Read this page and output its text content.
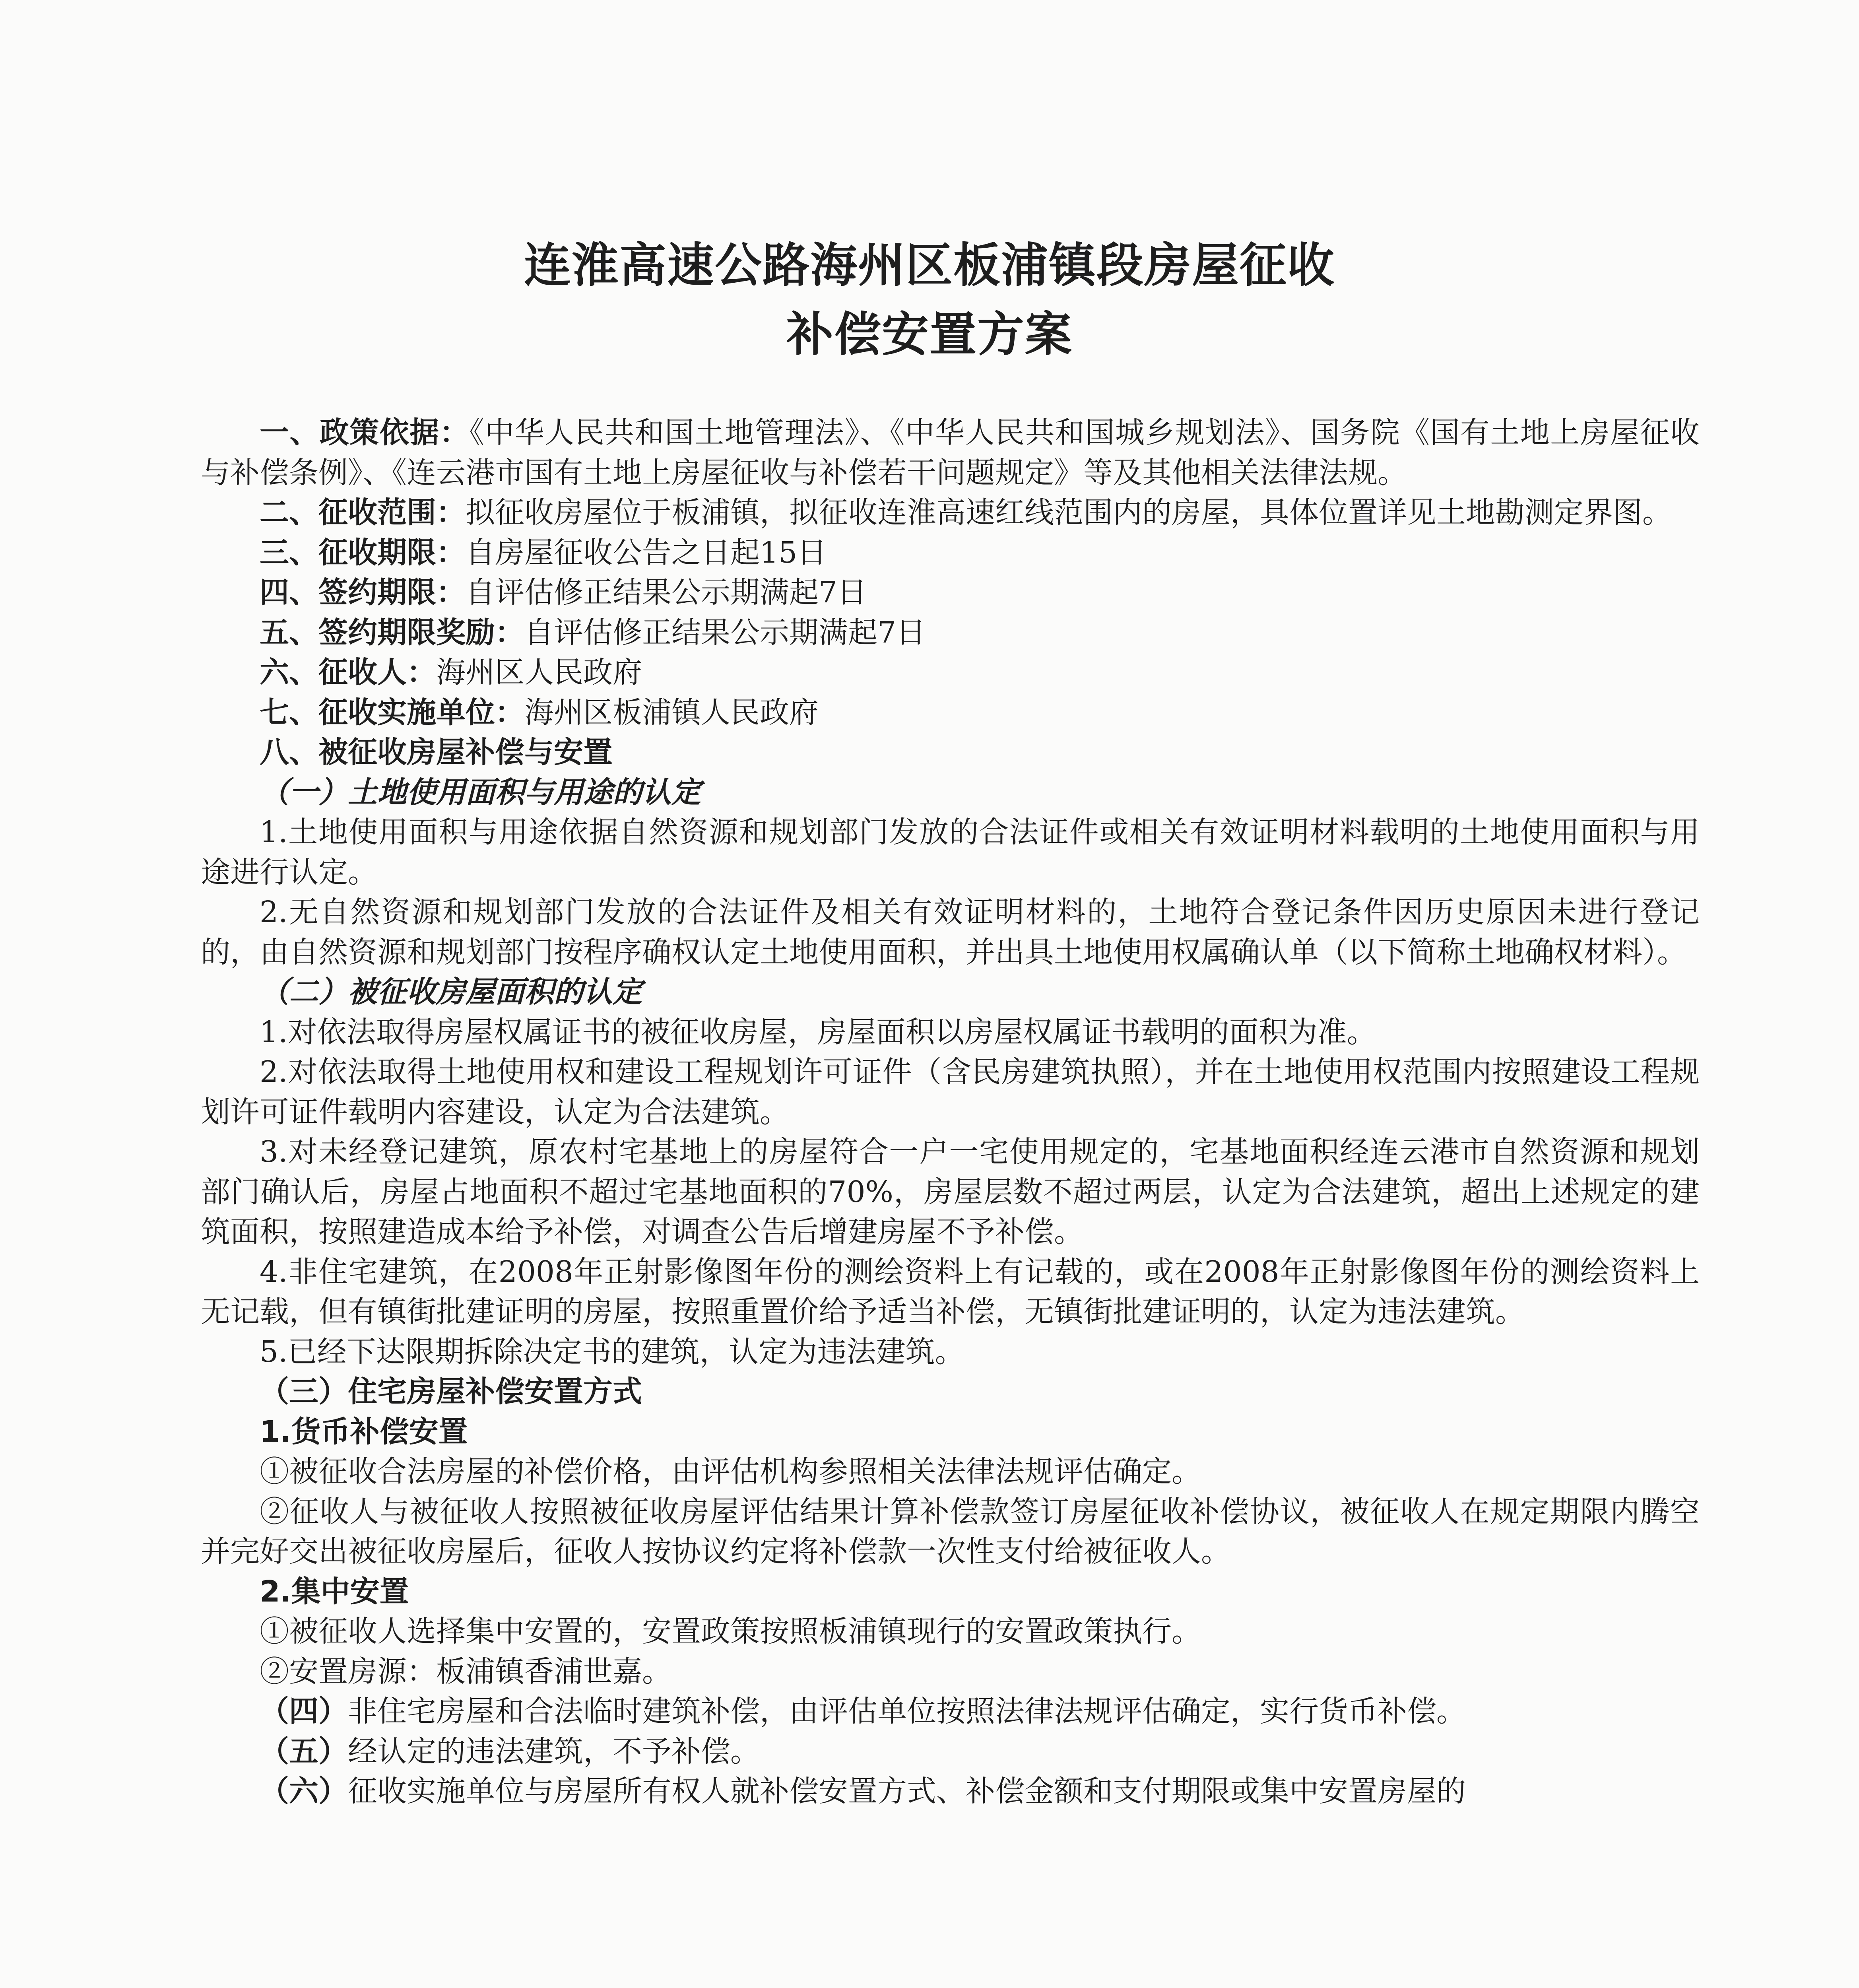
连淮高速公路海州区板浦镇段房屋征收
补偿安置方案

一、政策依据：《中华人民共和国土地管理法》、《中华人民共和国城乡规划法》、国务院《国有土地上房屋征收与补偿条例》、《连云港市国有土地上房屋征收与补偿若干问题规定》等及其他相关法律法规。

二、征收范围：拟征收房屋位于板浦镇，拟征收连淮高速红线范围内的房屋，具体位置详见土地勘测定界图。

三、征收期限：自房屋征收公告之日起15日

四、签约期限：自评估修正结果公示期满起7日

五、签约期限奖励：自评估修正结果公示期满起7日

六、征收人：海州区人民政府

七、征收实施单位：海州区板浦镇人民政府

八、被征收房屋补偿与安置

（一）土地使用面积与用途的认定

1.土地使用面积与用途依据自然资源和规划部门发放的合法证件或相关有效证明材料载明的土地使用面积与用途进行认定。

2.无自然资源和规划部门发放的合法证件及相关有效证明材料的，土地符合登记条件因历史原因未进行登记的，由自然资源和规划部门按程序确权认定土地使用面积，并出具土地使用权属确认单（以下简称土地确权材料）。

（二）被征收房屋面积的认定

1.对依法取得房屋权属证书的被征收房屋，房屋面积以房屋权属证书载明的面积为准。

2.对依法取得土地使用权和建设工程规划许可证件（含民房建筑执照），并在土地使用权范围内按照建设工程规划许可证件载明内容建设，认定为合法建筑。

3.对未经登记建筑，原农村宅基地上的房屋符合一户一宅使用规定的，宅基地面积经连云港市自然资源和规划部门确认后，房屋占地面积不超过宅基地面积的70%，房屋层数不超过两层，认定为合法建筑，超出上述规定的建筑面积，按照建造成本给予补偿，对调查公告后增建房屋不予补偿。

4.非住宅建筑，在2008年正射影像图年份的测绘资料上有记载的，或在2008年正射影像图年份的测绘资料上无记载，但有镇街批建证明的房屋，按照重置价给予适当补偿，无镇街批建证明的，认定为违法建筑。

5.已经下达限期拆除决定书的建筑，认定为违法建筑。

（三）住宅房屋补偿安置方式

1.货币补偿安置

①被征收合法房屋的补偿价格，由评估机构参照相关法律法规评估确定。

②征收人与被征收人按照被征收房屋评估结果计算补偿款签订房屋征收补偿协议，被征收人在规定期限内腾空并完好交出被征收房屋后，征收人按协议约定将补偿款一次性支付给被征收人。

2.集中安置

①被征收人选择集中安置的，安置政策按照板浦镇现行的安置政策执行。

②安置房源：板浦镇香浦世嘉。

（四）非住宅房屋和合法临时建筑补偿，由评估单位按照法律法规评估确定，实行货币补偿。

（五）经认定的违法建筑，不予补偿。

（六）征收实施单位与房屋所有权人就补偿安置方式、补偿金额和支付期限或集中安置房屋的
